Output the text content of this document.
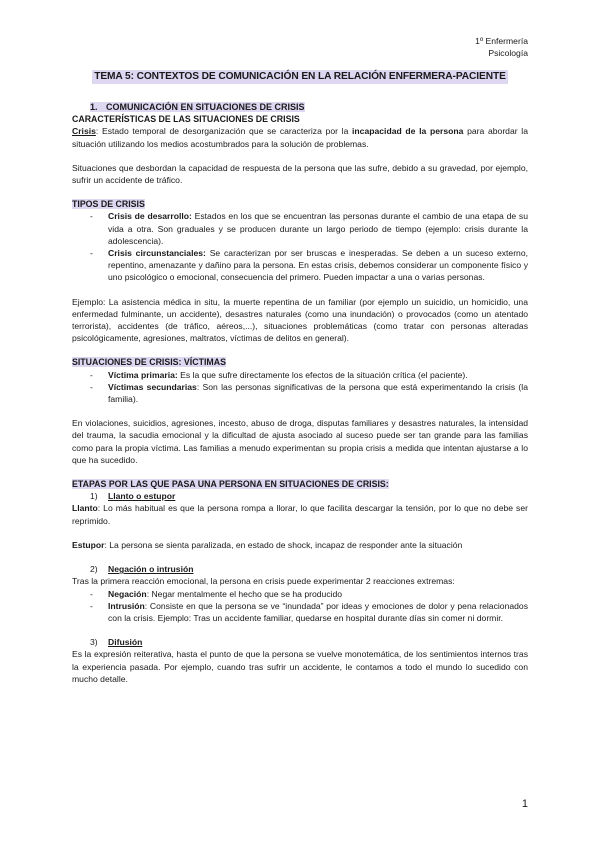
1º Enfermería
Psicología
TEMA 5: CONTEXTOS DE COMUNICACIÓN EN LA RELACIÓN ENFERMERA-PACIENTE
1. COMUNICACIÓN EN SITUACIONES DE CRISIS
CARACTERÍSTICAS DE LAS SITUACIONES DE CRISIS

Crisis: Estado temporal de desorganización que se caracteriza por la incapacidad de la persona para abordar la situación utilizando los medios acostumbrados para la solución de problemas.

Situaciones que desbordan la capacidad de respuesta de la persona que las sufre, debido a su gravedad, por ejemplo, sufrir un accidente de tráfico.

TIPOS DE CRISIS
- Crisis de desarrollo: Estados en los que se encuentran las personas durante el cambio de una etapa de su vida a otra. Son graduales y se producen durante un largo periodo de tiempo (ejemplo: crisis durante la adolescencia).
- Crisis circunstanciales: Se caracterizan por ser bruscas e inesperadas. Se deben a un suceso externo, repentino, amenazante y dañino para la persona. En estas crisis, debemos considerar un componente físico y uno psicológico o emocional, consecuencia del primero. Pueden impactar a una o varias personas.

Ejemplo: La asistencia médica in situ, la muerte repentina de un familiar (por ejemplo un suicidio, un homicidio, una enfermedad fulminante, un accidente), desastres naturales (como una inundación) o provocados (como un atentado terrorista), accidentes (de tráfico, aéreos,...), situaciones problemáticas (como tratar con personas alteradas psicológicamente, agresiones, maltratos, víctimas de delitos en general).

SITUACIONES DE CRISIS: VÍCTIMAS
- Víctima primaria: Es la que sufre directamente los efectos de la situación crítica (el paciente).
- Víctimas secundarias: Son las personas significativas de la persona que está experimentando la crisis (la familia).

En violaciones, suicidios, agresiones, incesto, abuso de droga, disputas familiares y desastres naturales, la intensidad del trauma, la sacudia emocional y la dificultad de ajusta asociado al suceso puede ser tan grande para las familias como para la propia víctima. Las familias a menudo experimentan su propia crisis a medida que intentan ajustarse a lo que ha sucedido.

ETAPAS POR LAS QUE PASA UNA PERSONA EN SITUACIONES DE CRISIS:
1) Llanto o estupor

Llanto: Lo más habitual es que la persona rompa a llorar, lo que facilita descargar la tensión, por lo que no debe ser reprimido.

Estupor: La persona se sienta paralizada, en estado de shock, incapaz de responder ante la situación

2) Negación o intrusión

Tras la primera reacción emocional, la persona en crisis puede experimentar 2 reacciones extremas:

- Negación: Negar mentalmente el hecho que se ha producido
- Intrusión: Consiste en que la persona se ve “inundada” por ideas y emociones de dolor y pena relacionados con la crisis. Ejemplo: Tras un accidente familiar, quedarse en hospital durante días sin comer ni dormir.
3) Difusión

Es la expresión reiterativa, hasta el punto de que la persona se vuelve monotemática, de los sentimientos internos tras la experiencia pasada. Por ejemplo, cuando tras sufrir un accidente, le contamos a todo el mundo lo sucedido con mucho detalle.

1
